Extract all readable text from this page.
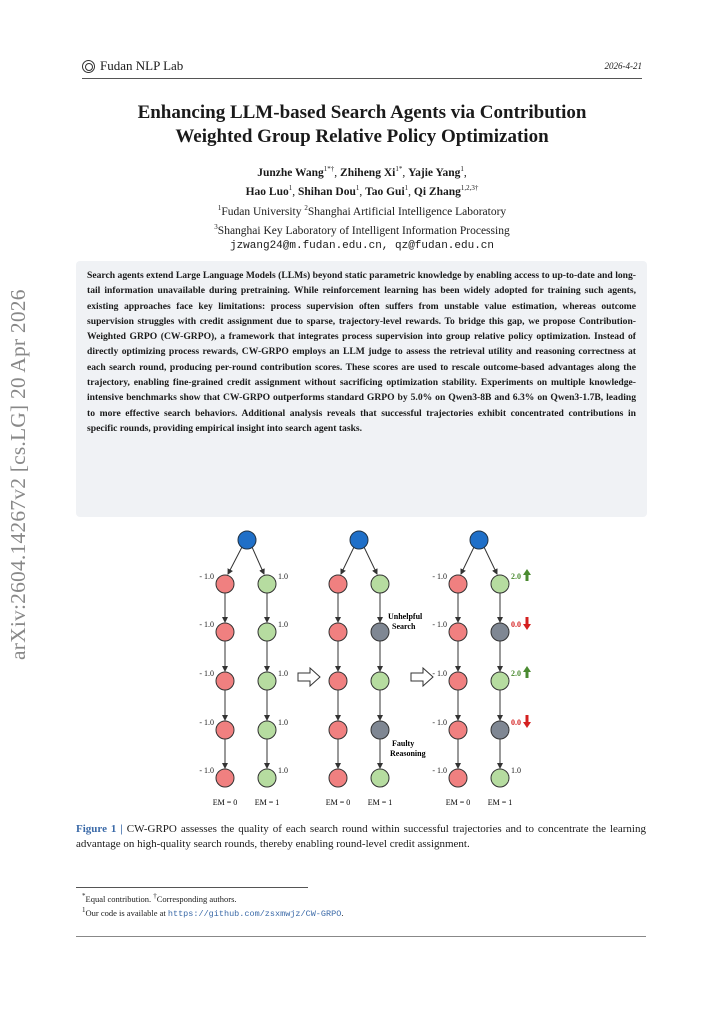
Fudan NLP Lab	2026-4-21
arXiv:2604.14267v2 [cs.LG] 20 Apr 2026
Enhancing LLM-based Search Agents via Contribution
Weighted Group Relative Policy Optimization
Junzhe Wang$^{1*\dagger}$, Zhiheng $Xi^{1*}$, Yajie Yang$^1$,
Hao Luo$^1$, Shihan Dou$^1$, Tao Gui$^1$, Qi Zhang$^{1,2,3\dagger}$
$^1$Fudan University $^2$Shanghai Artificial Intelligence Laboratory
$^3$Shanghai Key Laboratory of Intelligent Information Processing
jzwang24@m.fudan.edu.cn, qz@fudan.edu.cn
Search agents extend Large Language Models (LLMs) beyond static parametric knowledge by enabling access to up-to-date and long-tail information unavailable during pretraining. While reinforcement learning has been widely adopted for training such agents, existing approaches face key limitations: process supervision often suffers from unstable value estimation, whereas outcome supervision struggles with credit assignment due to sparse, trajectory-level rewards. To bridge this gap, we propose Contribution-Weighted GRPO (CW-GRPO), a framework that integrates process supervision into group relative policy optimization. Instead of directly optimizing process rewards, CW-GRPO employs an LLM judge to assess the retrieval utility and reasoning correctness at each search round, producing per-round contribution scores. These scores are used to rescale outcome-based advantages along the trajectory, enabling fine-grained credit assignment without sacrificing optimization stability. Experiments on multiple knowledge-intensive benchmarks show that CW-GRPO outperforms standard GRPO by 5.0% on Qwen3-8B and 6.3% on Qwen3-1.7B, leading to more effective search behaviors. Additional analysis reveals that successful trajectories exhibit concentrated contributions in specific rounds, providing empirical insight into search agent tasks.
- 1.0	1.0
- 1.0	1.0
- 1.0	1.0
- 1.0	1.0
- 1.0	1.0
EM = 0 EM = 1	EM = 0 EM = 1
- 1.0	2.0
- 1.0	0.0
- 1.0	2.0
- 1.0	0.0
- 1.0	1.0
EM = 0 EM = 1
Unhelpful
Search
Faulty
Reasoning
Figure 1 | CW-GRPO assesses the quality of each search round within successful trajectories and to concentrate the learning advantage on high-quality search rounds, thereby enabling round-level credit assignment.
*Equal contribution. †Corresponding authors.
$^1$Our code is available at https://github.com/zsxmwjz/CW-GRPO.
